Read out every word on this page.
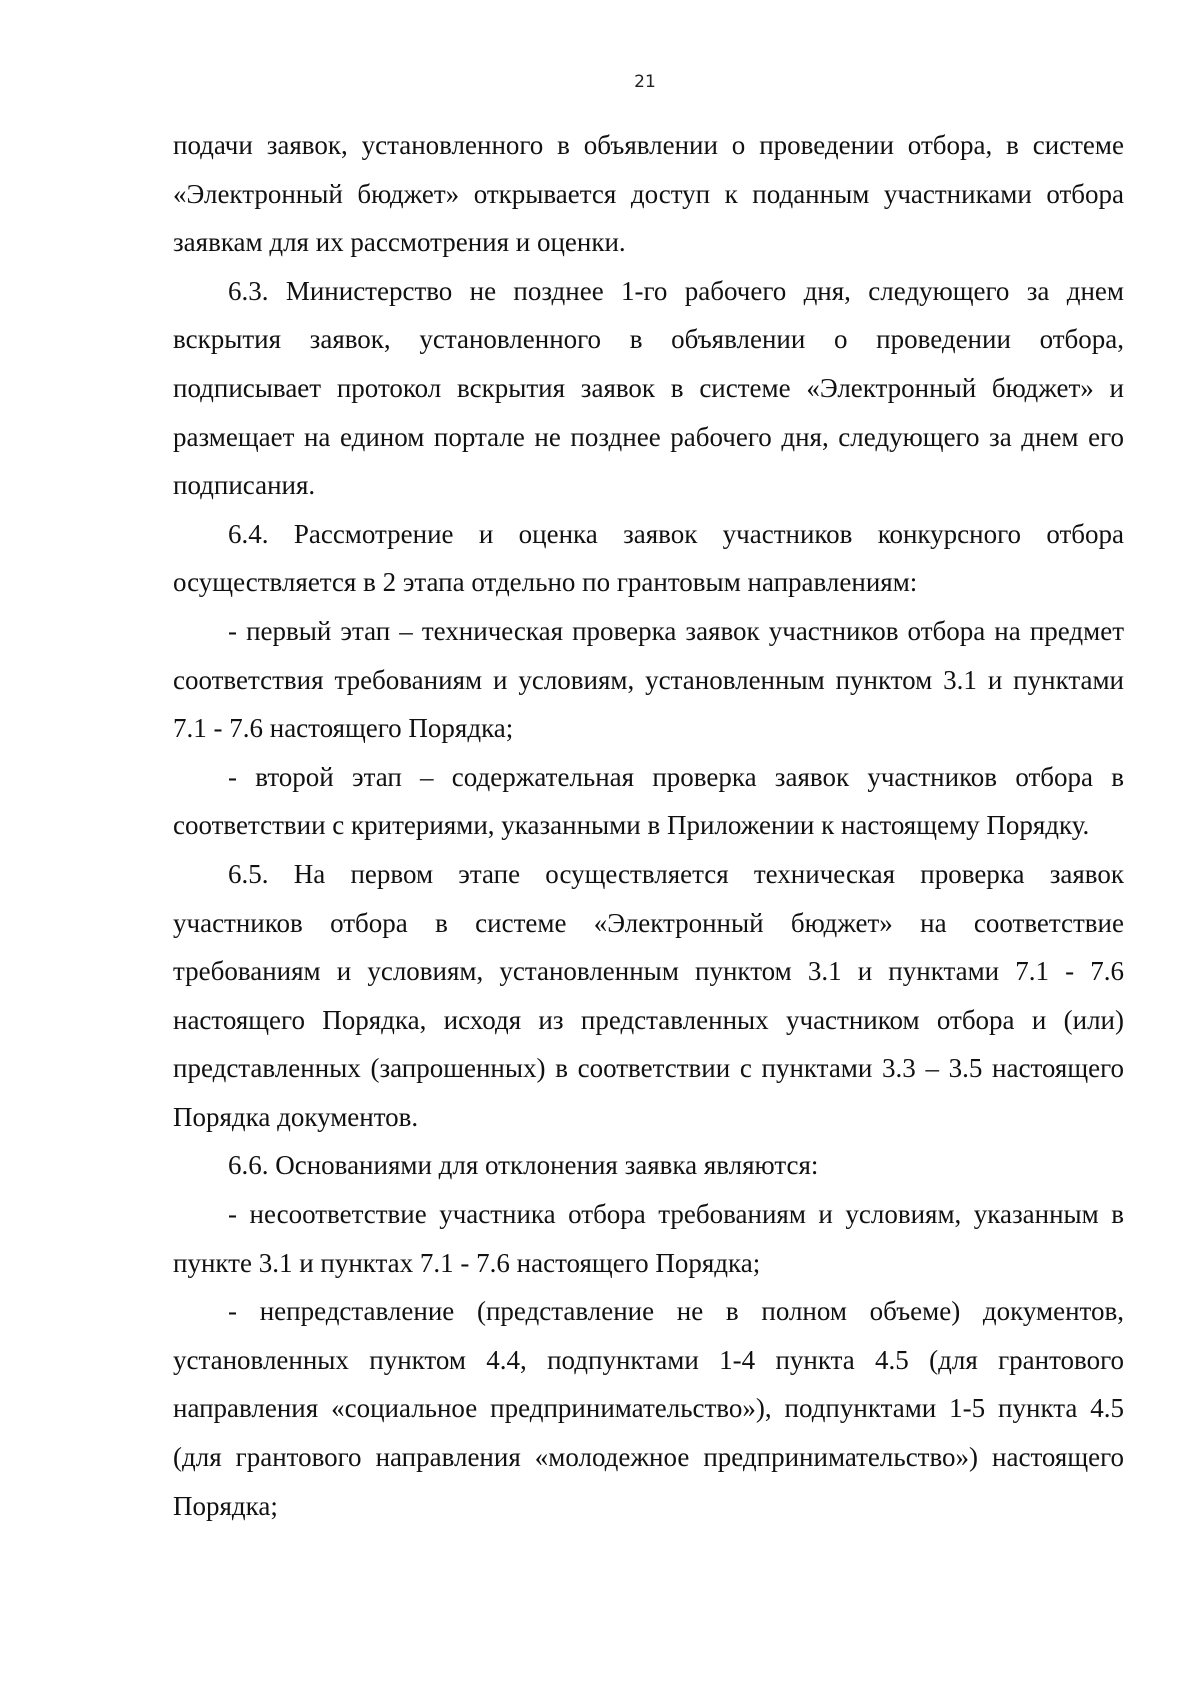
21

подачи заявок, установленного в объявлении о проведении отбора, в системе «Электронный бюджет» открывается доступ к поданным участниками отбора заявкам для их рассмотрения и оценки.

6.3. Министерство не позднее 1-го рабочего дня, следующего за днем вскрытия заявок, установленного в объявлении о проведении отбора, подписывает протокол вскрытия заявок в системе «Электронный бюджет» и размещает на едином портале не позднее рабочего дня, следующего за днем его подписания.

6.4. Рассмотрение и оценка заявок участников конкурсного отбора осуществляется в 2 этапа отдельно по грантовым направлениям:

- первый этап – техническая проверка заявок участников отбора на предмет соответствия требованиям и условиям, установленным пунктом 3.1 и пунктами 7.1 - 7.6 настоящего Порядка;

- второй этап – содержательная проверка заявок участников отбора в соответствии с критериями, указанными в Приложении к настоящему Порядку.

6.5. На первом этапе осуществляется техническая проверка заявок участников отбора в системе «Электронный бюджет» на соответствие требованиям и условиям, установленным пунктом 3.1 и пунктами 7.1 - 7.6 настоящего Порядка, исходя из представленных участником отбора и (или) представленных (запрошенных) в соответствии с пунктами 3.3 – 3.5 настоящего Порядка документов.

6.6. Основаниями для отклонения заявка являются:

- несоответствие участника отбора требованиям и условиям, указанным в пункте 3.1 и пунктах 7.1 - 7.6 настоящего Порядка;

- непредставление (представление не в полном объеме) документов, установленных пунктом 4.4, подпунктами 1-4 пункта 4.5 (для грантового направления «социальное предпринимательство»), подпунктами 1-5 пункта 4.5 (для грантового направления «молодежное предпринимательство») настоящего Порядка;
